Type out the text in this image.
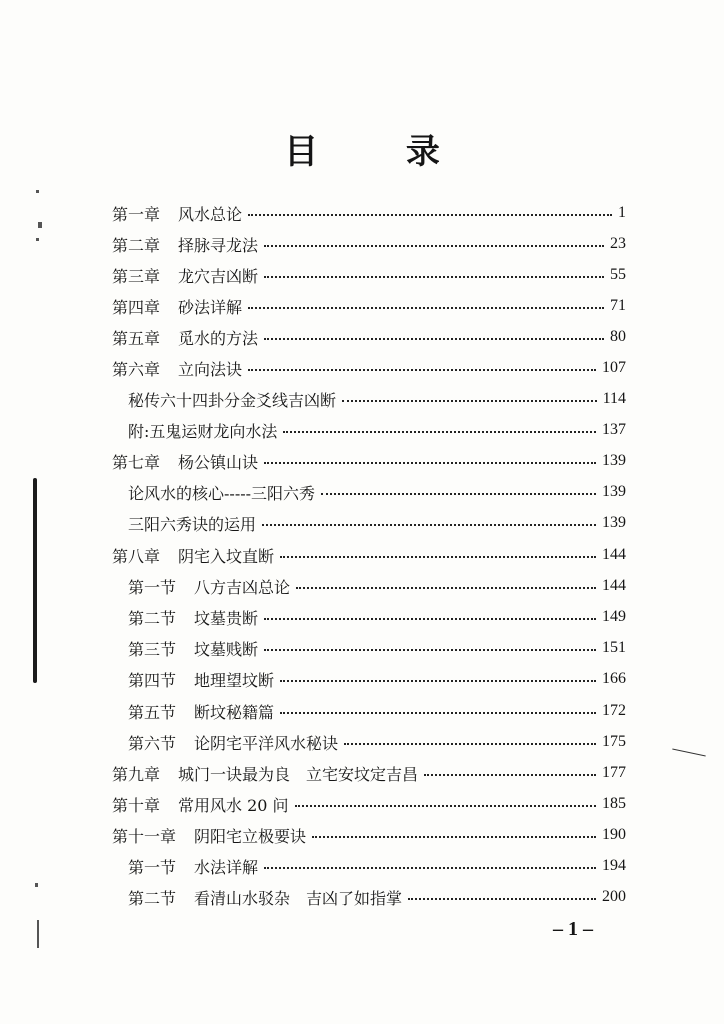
目 录
第一章 风水总论	1
第二章 择脉寻龙法	23
第三章 龙穴吉凶断	55
第四章 砂法详解	71
第五章 觅水的方法	80
第六章 立向法诀	107
秘传六十四卦分金爻线吉凶断	114
附:五鬼运财龙向水法	137
第七章 杨公镇山诀	139
论风水的核心-----三阳六秀	139
三阳六秀诀的运用	139
第八章 阴宅入坟直断	144
第一节 八方吉凶总论	144
第二节 坟墓贵断	149
第三节 坟墓贱断	151
第四节 地理望坟断	166
第五节 断坟秘籍篇	172
第六节 论阴宅平洋风水秘诀	175
第九章 城门一诀最为良　立宅安坟定吉昌	177
第十章 常用风水 20 问	185
第十一章 阴阳宅立极要诀	190
第一节 水法详解	194
第二节 看清山水驳杂　吉凶了如指掌	200
– 1 –
